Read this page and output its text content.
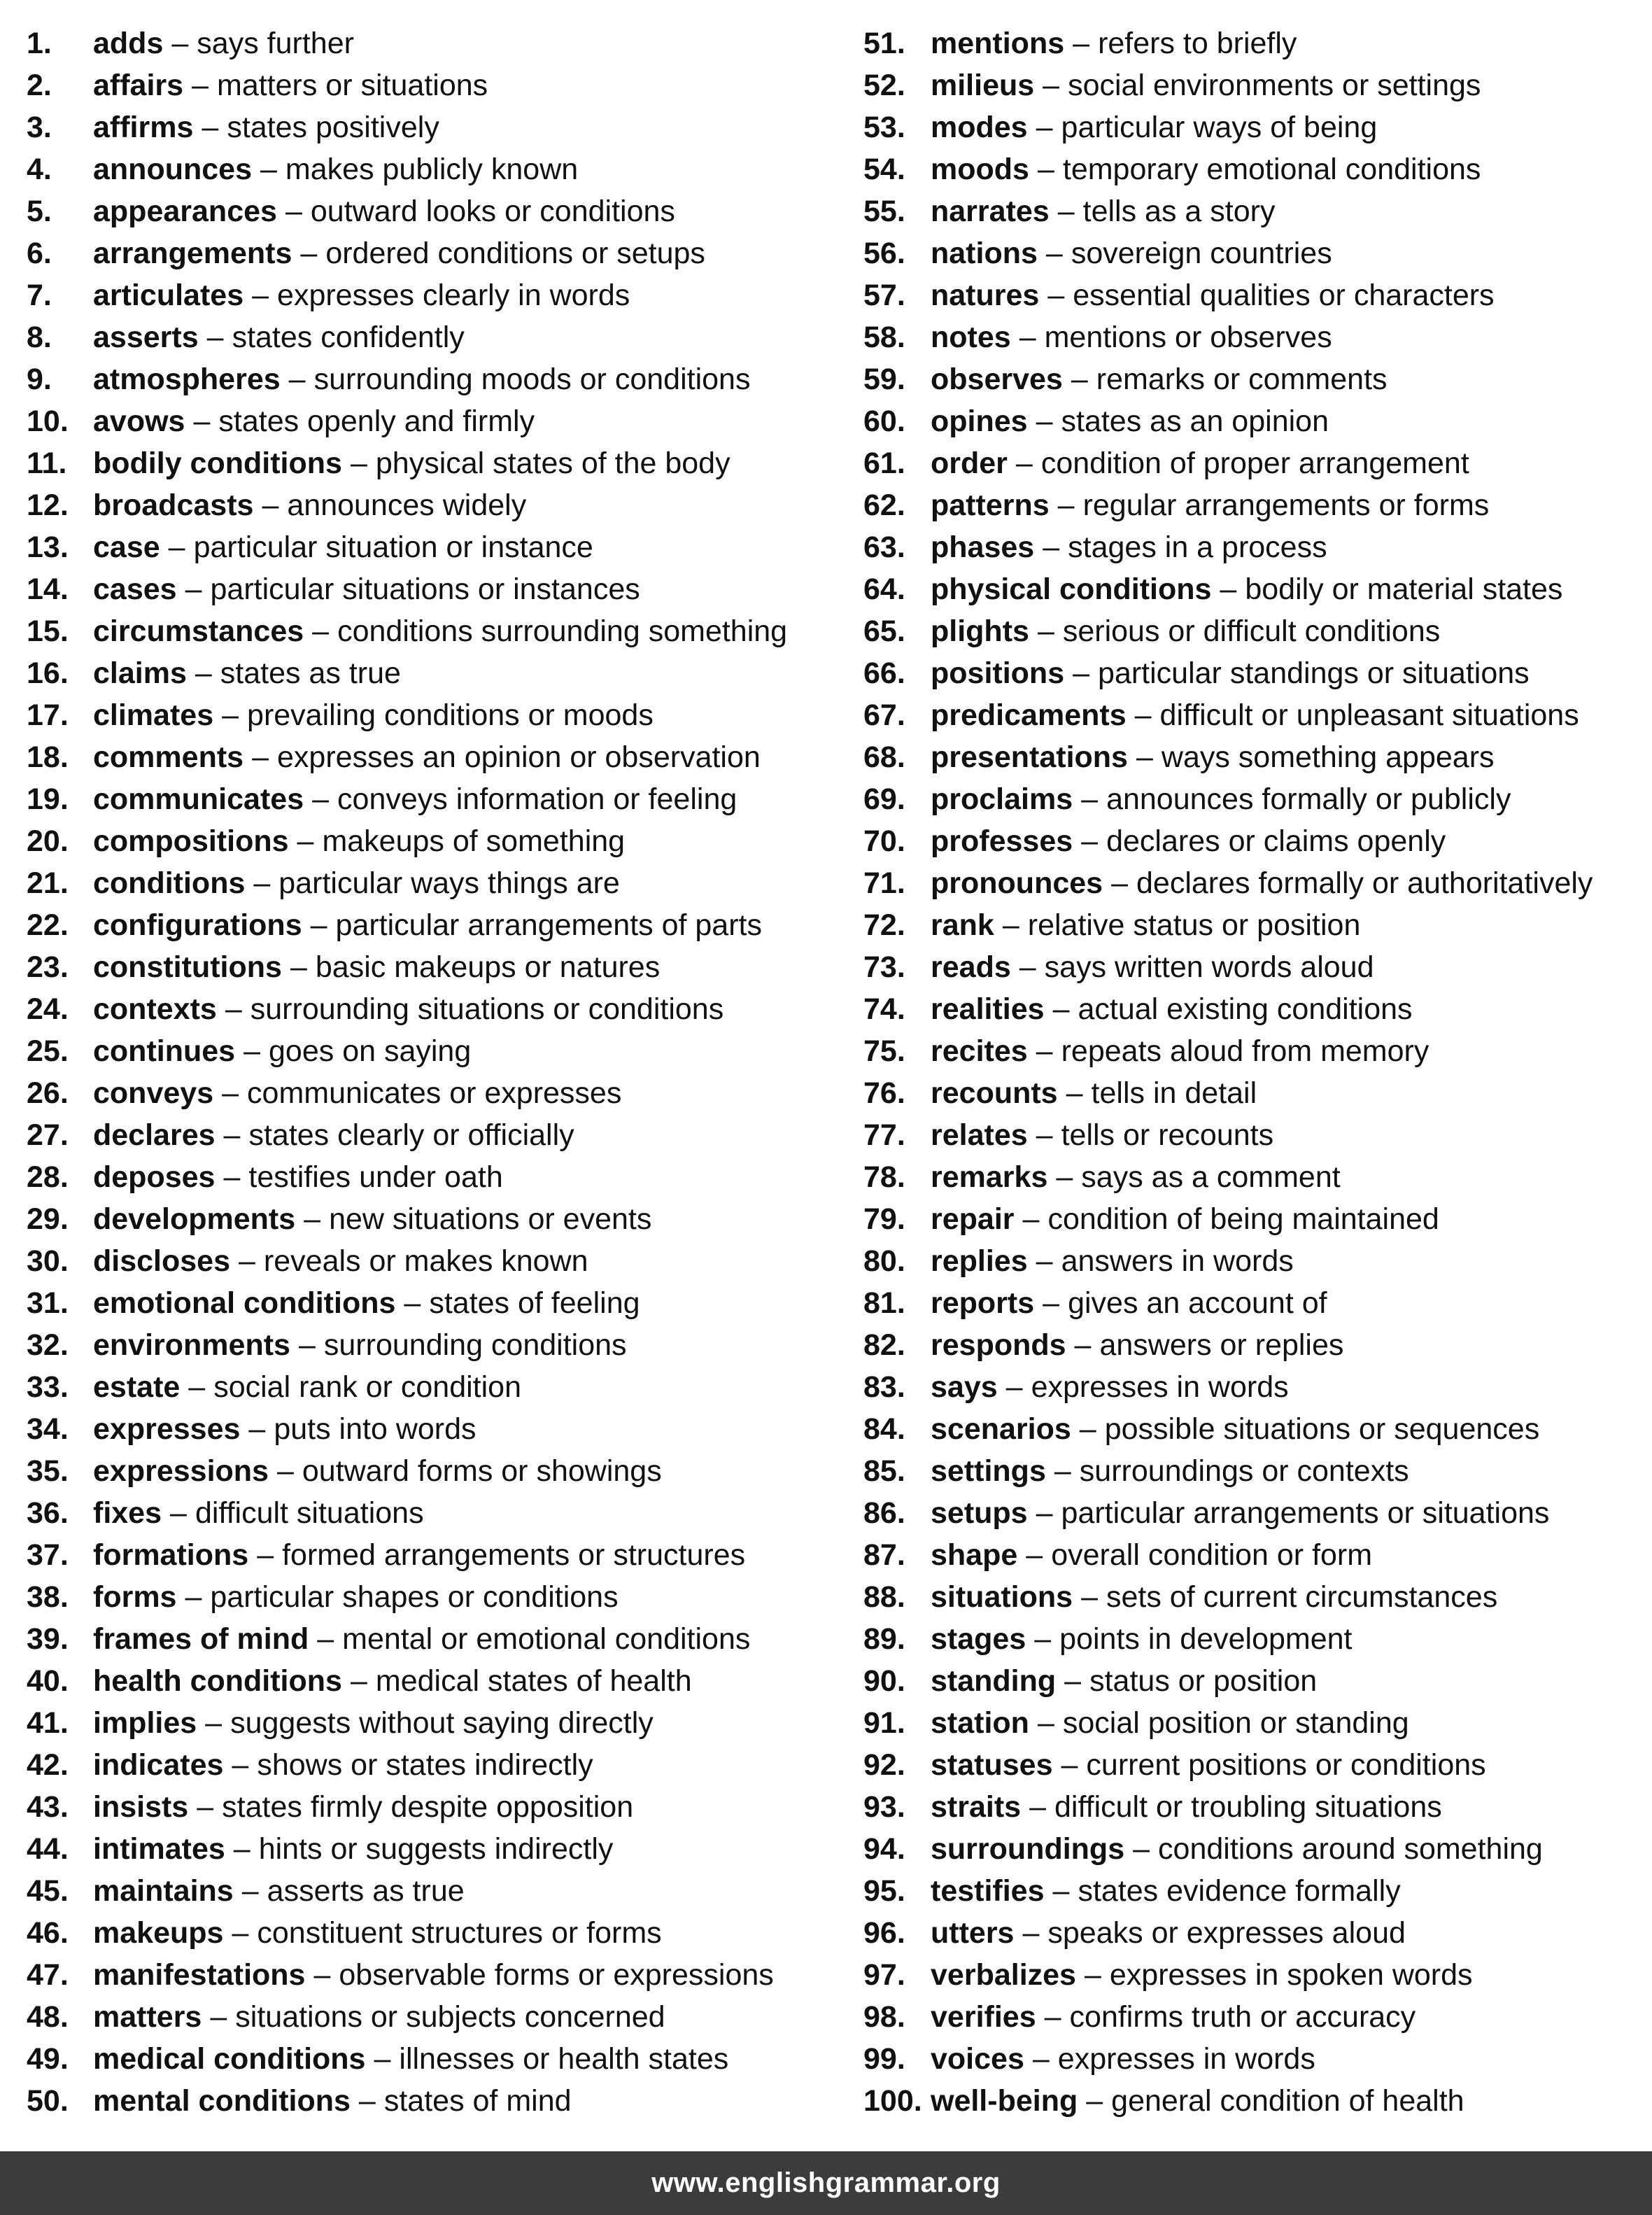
1.	adds – says further
2.	affairs – matters or situations
3.	affirms – states positively
4.	announces – makes publicly known
5.	appearances – outward looks or conditions
6.	arrangements – ordered conditions or setups
7.	articulates – expresses clearly in words
8.	asserts – states confidently
9.	atmospheres – surrounding moods or conditions
10. avows – states openly and firmly
11. bodily conditions – physical states of the body
12. broadcasts – announces widely
13. case – particular situation or instance
14. cases – particular situations or instances
15. circumstances – conditions surrounding something
16. claims – states as true
17. climates – prevailing conditions or moods
18. comments – expresses an opinion or observation
19. communicates – conveys information or feeling
20. compositions – makeups of something
21. conditions – particular ways things are
22. configurations – particular arrangements of parts
23. constitutions – basic makeups or natures
24. contexts – surrounding situations or conditions
25. continues – goes on saying
26. conveys – communicates or expresses
27. declares – states clearly or officially
28. deposes – testifies under oath
29. developments – new situations or events
30. discloses – reveals or makes known
31. emotional conditions – states of feeling
32. environments – surrounding conditions
33. estate – social rank or condition
34. expresses – puts into words
35. expressions – outward forms or showings
36. fixes – difficult situations
37. formations – formed arrangements or structures
38. forms – particular shapes or conditions
39. frames of mind – mental or emotional conditions
40. health conditions – medical states of health
41. implies – suggests without saying directly
42. indicates – shows or states indirectly
43. insists – states firmly despite opposition
44. intimates – hints or suggests indirectly
45. maintains – asserts as true
46. makeups – constituent structures or forms
47. manifestations – observable forms or expressions
48. matters – situations or subjects concerned
49. medical conditions – illnesses or health states
50. mental conditions – states of mind
51. mentions – refers to briefly
52. milieus – social environments or settings
53. modes – particular ways of being
54. moods – temporary emotional conditions
55. narrates – tells as a story
56. nations – sovereign countries
57. natures – essential qualities or characters
58. notes – mentions or observes
59. observes – remarks or comments
60. opines – states as an opinion
61. order – condition of proper arrangement
62. patterns – regular arrangements or forms
63. phases – stages in a process
64. physical conditions – bodily or material states
65. plights – serious or difficult conditions
66. positions – particular standings or situations
67. predicaments – difficult or unpleasant situations
68. presentations – ways something appears
69. proclaims – announces formally or publicly
70. professes – declares or claims openly
71. pronounces – declares formally or authoritatively
72. rank – relative status or position
73. reads – says written words aloud
74. realities – actual existing conditions
75. recites – repeats aloud from memory
76. recounts – tells in detail
77. relates – tells or recounts
78. remarks – says as a comment
79. repair – condition of being maintained
80. replies – answers in words
81. reports – gives an account of
82. responds – answers or replies
83. says – expresses in words
84. scenarios – possible situations or sequences
85. settings – surroundings or contexts
86. setups – particular arrangements or situations
87. shape – overall condition or form
88. situations – sets of current circumstances
89. stages – points in development
90. standing – status or position
91. station – social position or standing
92. statuses – current positions or conditions
93. straits – difficult or troubling situations
94. surroundings – conditions around something
95. testifies – states evidence formally
96. utters – speaks or expresses aloud
97. verbalizes – expresses in spoken words
98. verifies – confirms truth or accuracy
99. voices – expresses in words
100. well-being – general condition of health
www.englishgrammar.org
